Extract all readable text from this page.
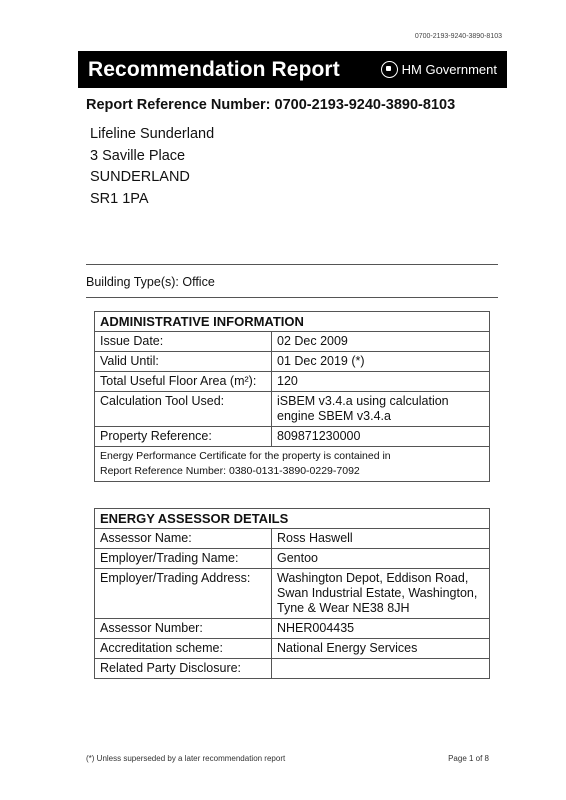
0700-2193-9240-3890-8103
Recommendation Report	HM Government
Report Reference Number: 0700-2193-9240-3890-8103
Lifeline Sunderland
3 Saville Place
SUNDERLAND
SR1 1PA
Building Type(s): Office
ADMINISTRATIVE INFORMATION	
Issue Date:	02 Dec 2009
Valid Until:	01 Dec 2019 (*)
Total Useful Floor Area (m²):	120
Calculation Tool Used:	iSBEM v3.4.a using calculation engine SBEM v3.4.a
Property Reference:	809871230000

Energy Performance Certificate for the property is contained in
Report Reference Number: 0380-0131-3890-0229-7092	
ENERGY ASSESSOR DETAILS	
Assessor Name:	Ross Haswell
Employer/Trading Name:	Gentoo
Employer/Trading Address:	Washington Depot, Eddison Road, Swan Industrial Estate, Washington, Tyne & Wear NE38 8JH
Assessor Number:	NHER004435
Accreditation scheme:	National Energy Services
Related Party Disclosure:	
(*) Unless superseded by a later recommendation report	Page 1 of 8
